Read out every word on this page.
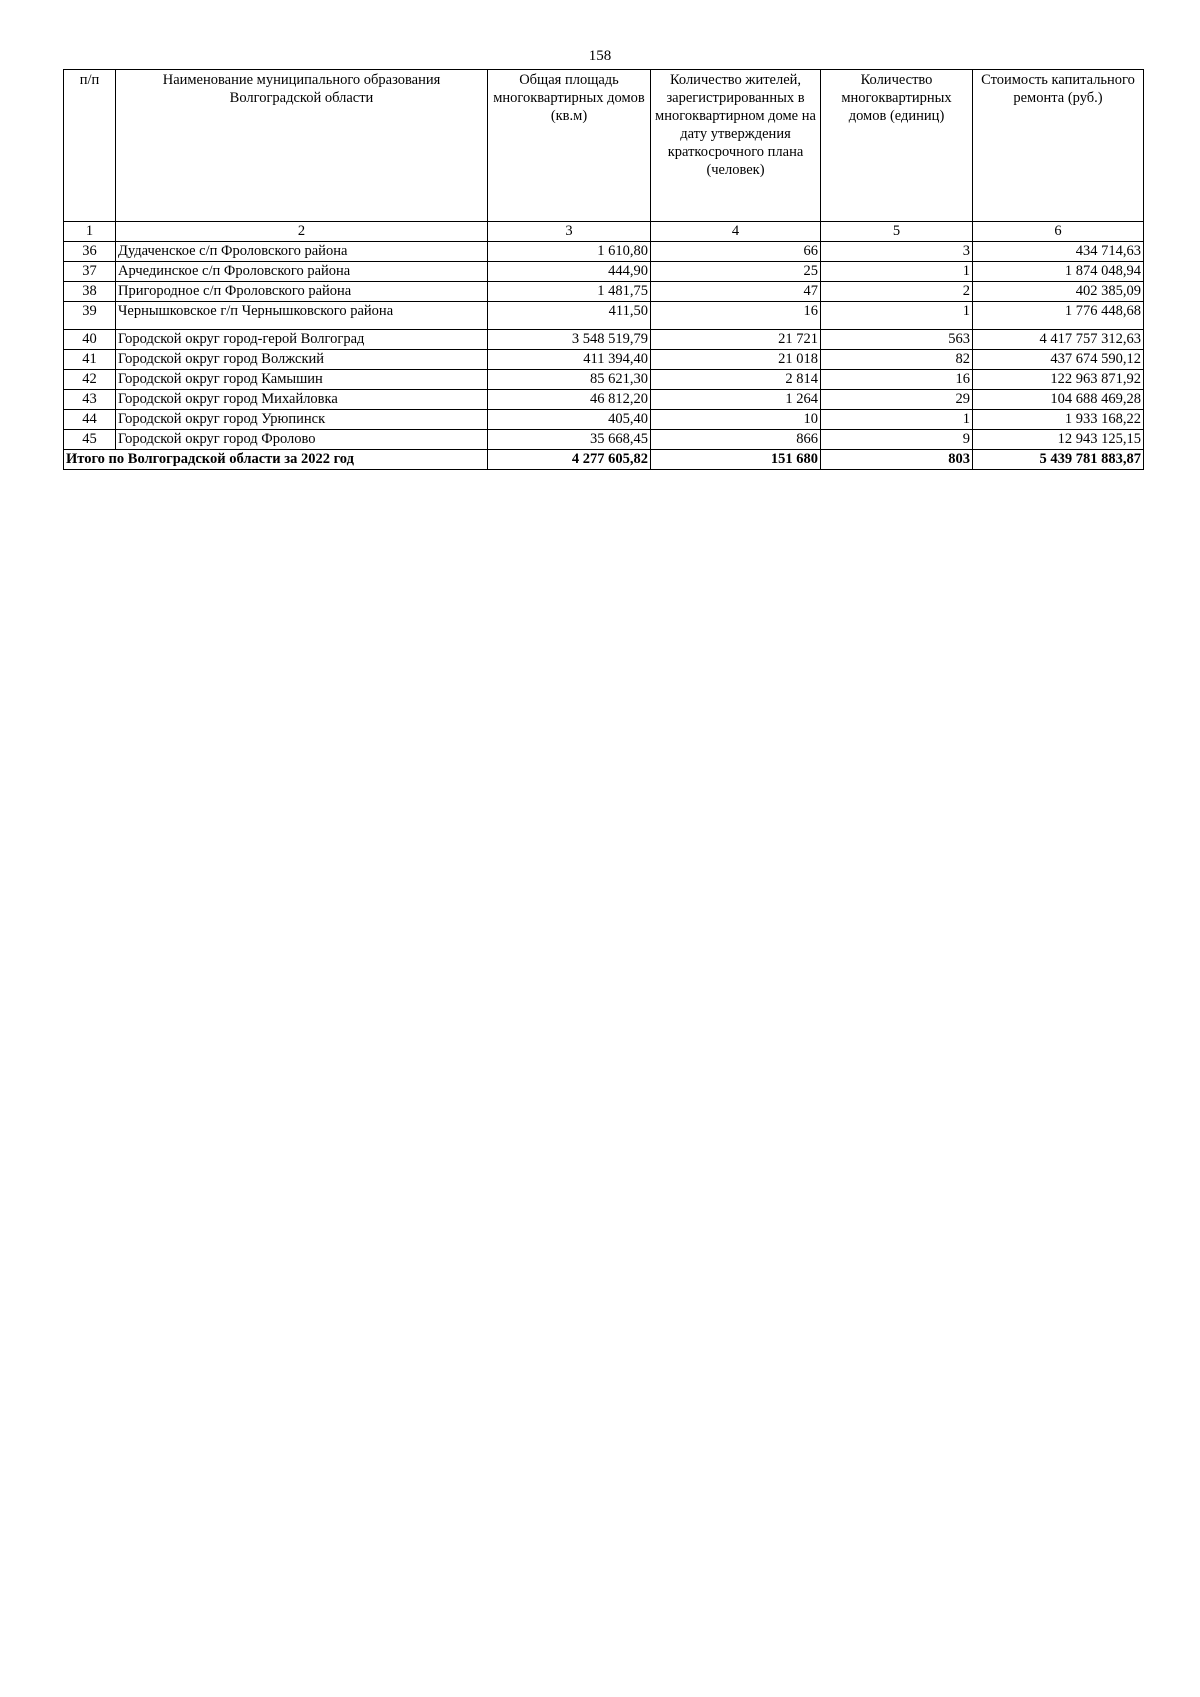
158
п/п	Наименование муниципального образования Волгоградской области	Общая площадь многоквартирных домов (кв.м)	Количество жителей, зарегистрированных в многоквартирном доме на дату утверждения краткосрочного плана (человек)	Количество многоквартирных домов (единиц)	Стоимость капитального ремонта (руб.)
1	2	3	4	5	6
36	Дудаченское с/п Фроловского района	1 610,80	66	3	434 714,63
37	Арчединское с/п Фроловского района	444,90	25	1	1 874 048,94
38	Пригородное с/п Фроловского района	1 481,75	47	2	402 385,09
39	Чернышковское г/п Чернышковского района	411,50	16	1	1 776 448,68
40	Городской округ город-герой Волгоград	3 548 519,79	21 721	563	4 417 757 312,63
41	Городской округ город Волжский	411 394,40	21 018	82	437 674 590,12
42	Городской округ город Камышин	85 621,30	2 814	16	122 963 871,92
43	Городской округ город Михайловка	46 812,20	1 264	29	104 688 469,28
44	Городской округ город Урюпинск	405,40	10	1	1 933 168,22
45	Городской округ город Фролово	35 668,45	866	9	12 943 125,15
Итого по Волгоградской области за 2022 год		4 277 605,82	151 680	803	5 439 781 883,87
